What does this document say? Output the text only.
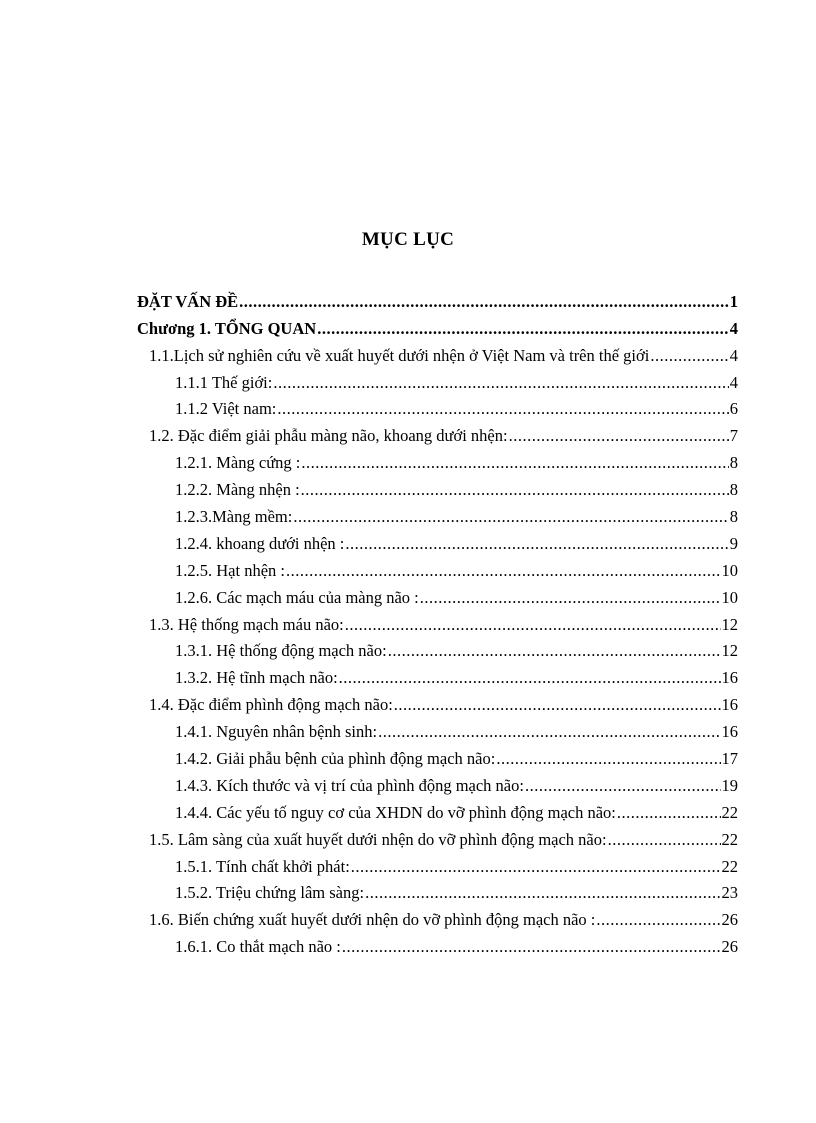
MỤC LỤC
ĐẶT VẤN ĐỀ .....	1
Chương 1. TỔNG QUAN .....	4
1.1.Lịch sử nghiên cứu về xuất huyết dưới nhện ở Việt Nam và trên thế giới .....	4
1.1.1 Thế giới: .....	4
1.1.2 Việt nam: .....	6
1.2. Đặc điểm giải phẫu màng não, khoang dưới nhện: .....	7
1.2.1. Màng cứng : .....	8
1.2.2. Màng nhện : .....	8
1.2.3.Màng mềm: .....	8
1.2.4. khoang dưới nhện : .....	9
1.2.5. Hạt nhện : .....	10
1.2.6. Các mạch máu của màng não : .....	10
1.3. Hệ thống mạch máu não: .....	12
1.3.1. Hệ thống động mạch não: .....	12
1.3.2. Hệ tĩnh mạch não: .....	16
1.4. Đặc điểm phình động mạch não: .....	16
1.4.1. Nguyên nhân bệnh sinh: .....	16
1.4.2. Giải phẫu bệnh của phình động mạch não: .....	17
1.4.3. Kích thước và vị trí của phình động mạch não: .....	19
1.4.4. Các yếu tố nguy cơ của XHDN do vỡ phình động mạch não: .....	22
1.5. Lâm sàng của xuất huyết dưới nhện do vỡ phình động mạch não: .....	22
1.5.1. Tính chất khởi phát: .....	22
1.5.2. Triệu chứng lâm sàng: .....	23
1.6. Biến chứng xuất huyết dưới nhện do vỡ phình động mạch não : .....	26
1.6.1. Co thắt mạch não : .....	26
